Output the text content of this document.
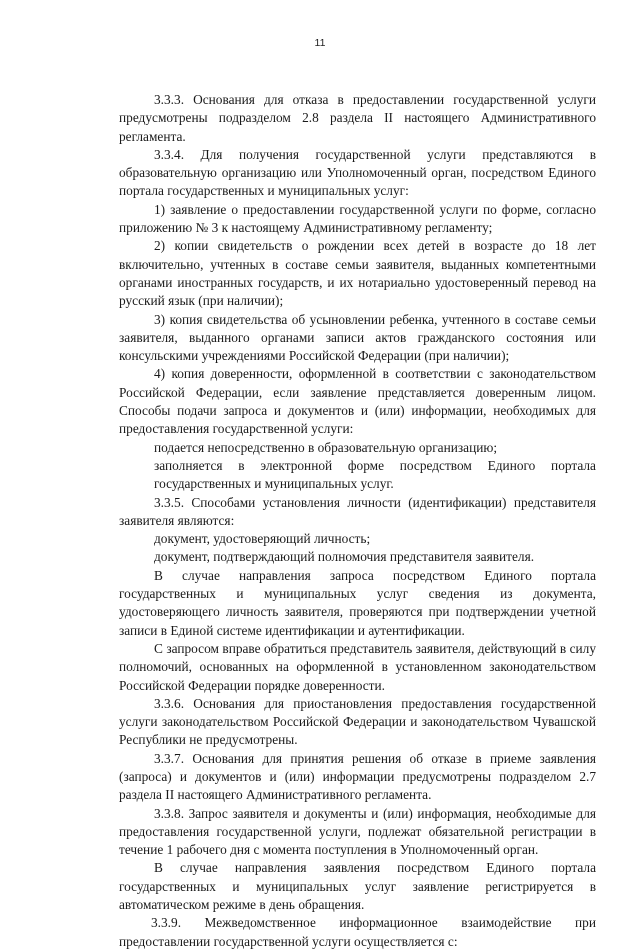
11

3.3.3. Основания для отказа в предоставлении государственной услуги предусмотрены подразделом 2.8 раздела II настоящего Административного регламента.

3.3.4. Для получения государственной услуги представляются в образовательную организацию или Уполномоченный орган, посредством Единого портала государственных и муниципальных услуг:

1) заявление о предоставлении государственной услуги по форме, согласно приложению № 3 к настоящему Административному регламенту;

2) копии свидетельств о рождении всех детей в возрасте до 18 лет включительно, учтенных в составе семьи заявителя, выданных компетентными органами иностранных государств, и их нотариально удостоверенный перевод на русский язык (при наличии);

3) копия свидетельства об усыновлении ребенка, учтенного в составе семьи заявителя, выданного органами записи актов гражданского состояния или консульскими учреждениями Российской Федерации (при наличии);

4) копия доверенности, оформленной в соответствии с законодательством Российской Федерации, если заявление представляется доверенным лицом. Способы подачи запроса и документов и (или) информации, необходимых для предоставления государственной услуги:

подается непосредственно в образовательную организацию;

заполняется в электронной форме посредством Единого портала государственных и муниципальных услуг.

3.3.5. Способами установления личности (идентификации) представителя заявителя являются:

документ, удостоверяющий личность;

документ, подтверждающий полномочия представителя заявителя.

В случае направления запроса посредством Единого портала государственных и муниципальных услуг сведения из документа, удостоверяющего личность заявителя, проверяются при подтверждении учетной записи в Единой системе идентификации и аутентификации.

С запросом вправе обратиться представитель заявителя, действующий в силу полномочий, основанных на оформленной в установленном законодательством Российской Федерации порядке доверенности.

3.3.6. Основания для приостановления предоставления государственной услуги законодательством Российской Федерации и законодательством Чувашской Республики не предусмотрены.

3.3.7. Основания для принятия решения об отказе в приеме заявления (запроса) и документов и (или) информации предусмотрены подразделом 2.7 раздела II настоящего Административного регламента.

3.3.8. Запрос заявителя и документы и (или) информация, необходимые для предоставления государственной услуги, подлежат обязательной регистрации в течение 1 рабочего дня с момента поступления в Уполномоченный орган.

В случае направления заявления посредством Единого портала государственных и муниципальных услуг заявление регистрируется в автоматическом режиме в день обращения.

3.3.9. Межведомственное информационное взаимодействие при предоставлении государственной услуги осуществляется с:
